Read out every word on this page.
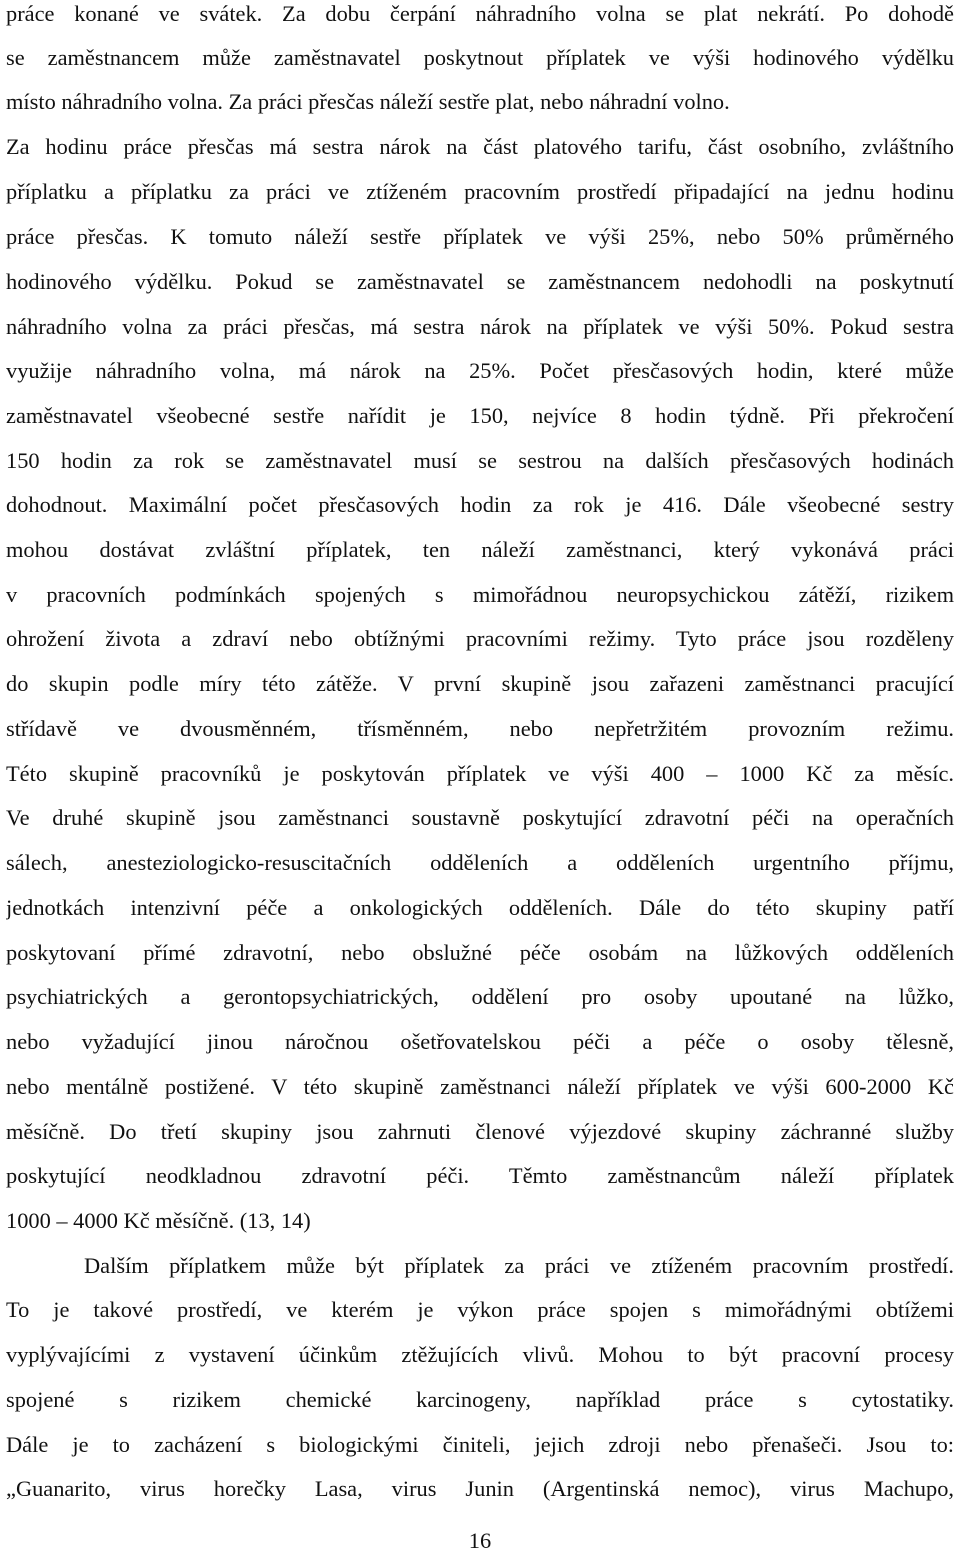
práce konané ve svátek. Za dobu čerpání náhradního volna se plat nekrátí. Po dohodě
se zaměstnancem může zaměstnavatel poskytnout příplatek ve výši hodinového výdělku
místo náhradního volna. Za práci přesčas náleží sestře plat, nebo náhradní volno.
Za hodinu práce přesčas má sestra nárok na část platového tarifu, část osobního, zvláštního
příplatku a příplatku za práci ve ztíženém pracovním prostředí připadající na jednu hodinu
práce přesčas. K tomuto náleží sestře příplatek ve výši 25%, nebo 50% průměrného
hodinového výdělku. Pokud se zaměstnavatel se zaměstnancem nedohodli na poskytnutí
náhradního volna za práci přesčas, má sestra nárok na příplatek ve výši 50%. Pokud sestra
využije náhradního volna, má nárok na 25%. Počet přesčasových hodin, které může
zaměstnavatel všeobecné sestře nařídit je 150, nejvíce 8 hodin týdně. Při překročení
150 hodin za rok se zaměstnavatel musí se sestrou na dalších přesčasových hodinách
dohodnout. Maximální počet přesčasových hodin za rok je 416. Dále všeobecné sestry
mohou dostávat zvláštní příplatek, ten náleží zaměstnanci, který vykonává práci
v pracovních podmínkách spojených s mimořádnou neuropsychickou zátěží, rizikem
ohrožení života a zdraví nebo obtížnými pracovními režimy. Tyto práce jsou rozděleny
do skupin podle míry této zátěže. V první skupině jsou zařazeni zaměstnanci pracující
střídavě ve dvousměnném, třísměnném, nebo nepřetržitém provozním režimu.
Této skupině pracovníků je poskytován příplatek ve výši 400 – 1000 Kč za měsíc.
Ve druhé skupině jsou zaměstnanci soustavně poskytující zdravotní péči na operačních
sálech, anesteziologicko-resuscitačních odděleních a odděleních urgentního příjmu,
jednotkách intenzivní péče a onkologických odděleních. Dále do této skupiny patří
poskytovaní přímé zdravotní, nebo obslužné péče osobám na lůžkových odděleních
psychiatrických a gerontopsychiatrických, oddělení pro osoby upoutané na lůžko,
nebo vyžadující jinou náročnou ošetřovatelskou péči a péče o osoby tělesně,
nebo mentálně postižené. V této skupině zaměstnanci náleží příplatek ve výši 600-2000 Kč
měsíčně. Do třetí skupiny jsou zahrnuti členové výjezdové skupiny záchranné služby
poskytující neodkladnou zdravotní péči. Těmto zaměstnancům náleží příplatek
1000 – 4000 Kč měsíčně. (13, 14)
Dalším příplatkem může být příplatek za práci ve ztíženém pracovním prostředí.
To je takové prostředí, ve kterém je výkon práce spojen s mimořádnými obtížemi
vyplývajícími z vystavení účinkům ztěžujících vlivů. Mohou to být pracovní procesy
spojené s rizikem chemické karcinogeny, například práce s cytostatiky.
Dále je to zacházení s biologickými činiteli, jejich zdroji nebo přenašeči. Jsou to:
„Guanarito, virus horečky Lasa, virus Junin (Argentinská nemoc), virus Machupo,
16
